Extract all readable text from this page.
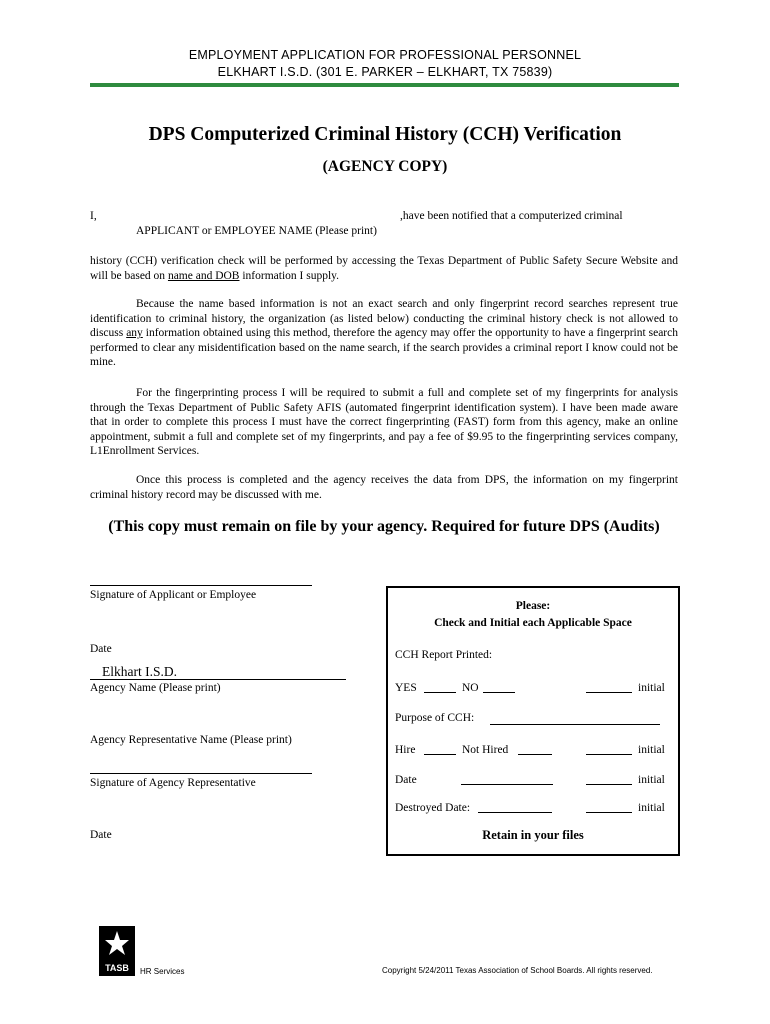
EMPLOYMENT APPLICATION FOR PROFESSIONAL PERSONNEL
ELKHART I.S.D. (301 E. PARKER – ELKHART, TX 75839)
DPS Computerized Criminal History (CCH) Verification
(AGENCY COPY)
I,	,have been notified that a computerized criminal
APPLICANT or EMPLOYEE NAME (Please print)
history (CCH) verification check will be performed by accessing the Texas Department of Public Safety Secure Website and will be based on name and DOB information I supply.
Because the name based information is not an exact search and only fingerprint record searches represent true identification to criminal history, the organization (as listed below) conducting the criminal history check is not allowed to discuss any information obtained using this method, therefore the agency may offer the opportunity to have a fingerprint search performed to clear any misidentification based on the name search, if the search provides a criminal report I know could not be mine.
For the fingerprinting process I will be required to submit a full and complete set of my fingerprints for analysis through the Texas Department of Public Safety AFIS (automated fingerprint identification system). I have been made aware that in order to complete this process I must have the correct fingerprinting (FAST) form from this agency, make an online appointment, submit a full and complete set of my fingerprints, and pay a fee of $9.95 to the fingerprinting services company, L1Enrollment Services.
Once this process is completed and the agency receives the data from DPS, the information on my fingerprint criminal history record may be discussed with me.
(This copy must remain on file by your agency. Required for future DPS (Audits)
Signature of Applicant or Employee
Date
Elkhart I.S.D.
Agency Name (Please print)
Agency Representative Name (Please print)
Signature of Agency Representative
Date
Please:
Check and Initial each Applicable Space
CCH Report Printed:
YES	NO	initial
Purpose of CCH:
Hire	Not Hired	initial
Date	initial
Destroyed Date:	initial
Retain in your files
TASB	HR Services	Copyright 5/24/2011 Texas Association of School Boards. All rights reserved.
